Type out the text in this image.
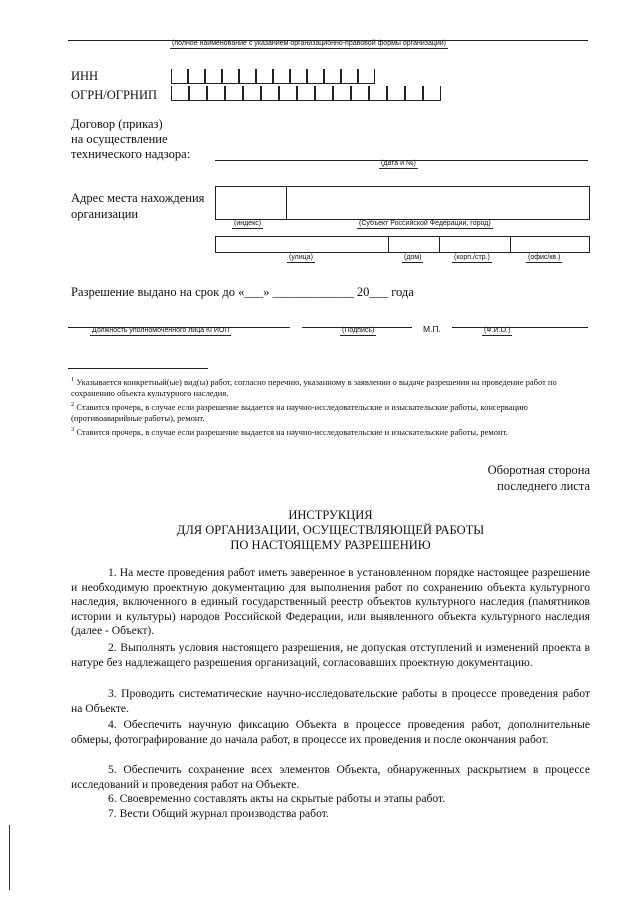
(полное наименование с указанием организационно-правовой формы организации)
ИНН
ОГРН/ОГРНИП
Договор (приказ)
на осуществление
технического надзора:
(дата и №)
Адрес места нахождения
организации
(индекс)	(Субъект Российской Федерации, город)
(улица)	(дом)	(корп./стр.)	(офис/кв.)
Разрешение выдано на срок до «___» _____________ 20___ года
Должность уполномоченного лица КГИОП	(Подпись)	М.П.	(Ф.И.О.)
$^1$ Указывается конкретный(ые) вид(ы) работ, согласно перечню, указанному в заявлении о выдаче разрешения на проведение работ по сохранению объекта культурного наследия.
$^2$ Ставится прочерк, в случае если разрешение выдается на научно-исследовательские и изыскательские работы, консервацию (противоаварийные работы), ремонт.
$^3$ Ставится прочерк, в случае если разрешение выдается на научно-исследовательские и изыскательские работы, ремонт.
Оборотная сторона
последнего листа
ИНСТРУКЦИЯ
ДЛЯ ОРГАНИЗАЦИИ, ОСУЩЕСТВЛЯЮЩЕЙ РАБОТЫ
ПО НАСТОЯЩЕМУ РАЗРЕШЕНИЮ
1. На месте проведения работ иметь заверенное в установленном порядке настоящее разрешение и необходимую проектную документацию для выполнения работ по сохранению объекта культурного наследия, включенного в единый государственный реестр объектов культурного наследия (памятников истории и культуры) народов Российской Федерации, или выявленного объекта культурного наследия (далее - Объект).
2. Выполнять условия настоящего разрешения, не допуская отступлений и изменений проекта в натуре без надлежащего разрешения организаций, согласовавших проектную документацию.
3. Проводить систематические научно-исследовательские работы в процессе проведения работ на Объекте.
4. Обеспечить научную фиксацию Объекта в процессе проведения работ, дополнительные обмеры, фотографирование до начала работ, в процессе их проведения и после окончания работ.
5. Обеспечить сохранение всех элементов Объекта, обнаруженных раскрытием в процессе исследований и проведения работ на Объекте.
6. Своевременно составлять акты на скрытые работы и этапы работ.
7. Вести Общий журнал производства работ.
